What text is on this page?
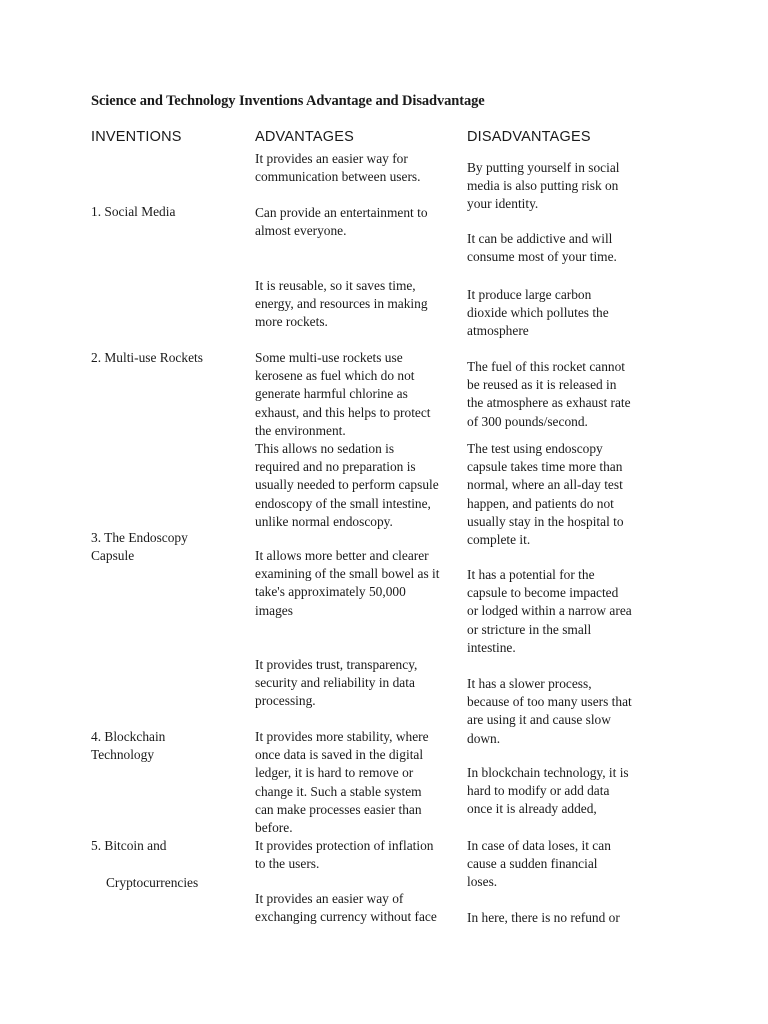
Science and Technology Inventions Advantage and Disadvantage
INVENTIONS	ADVANTAGES	DISADVANTAGES
1. Social Media
It provides an easier way for
communication between users.
Can provide an entertainment to
almost everyone.
By putting yourself in social
media is also putting risk on
your identity.
It can be addictive and will
consume most of your time.
2. Multi-use Rockets
It is reusable, so it saves time,
energy, and resources in making
more rockets.
Some multi-use rockets use
kerosene as fuel which do not
generate harmful chlorine as
exhaust, and this helps to protect
the environment.
It produce large carbon
dioxide which pollutes the
atmosphere
The fuel of this rocket cannot
be reused as it is released in
the atmosphere as exhaust rate
of 300 pounds/second.
3. The Endoscopy
Capsule
This allows no sedation is
required and no preparation is
usually needed to perform capsule
endoscopy of the small intestine,
unlike normal endoscopy.
It allows more better and clearer
examining of the small bowel as it
take's approximately 50,000
images
The test using endoscopy
capsule takes time more than
normal, where an all-day test
happen, and patients do not
usually stay in the hospital to
complete it.
It has a potential for the
capsule to become impacted
or lodged within a narrow area
or stricture in the small
intestine.
4. Blockchain
Technology
It provides trust, transparency,
security and reliability in data
processing.
It provides more stability, where
once data is saved in the digital
ledger, it is hard to remove or
change it. Such a stable system
can make processes easier than
before.
It has a slower process,
because of too many users that
are using it and cause slow
down.
In blockchain technology, it is
hard to modify or add data
once it is already added,
5. Bitcoin and
Cryptocurrencies
It provides protection of inflation
to the users.
It provides an easier way of
exchanging currency without face
In case of data loses, it can
cause a sudden financial
loses.
In here, there is no refund or
